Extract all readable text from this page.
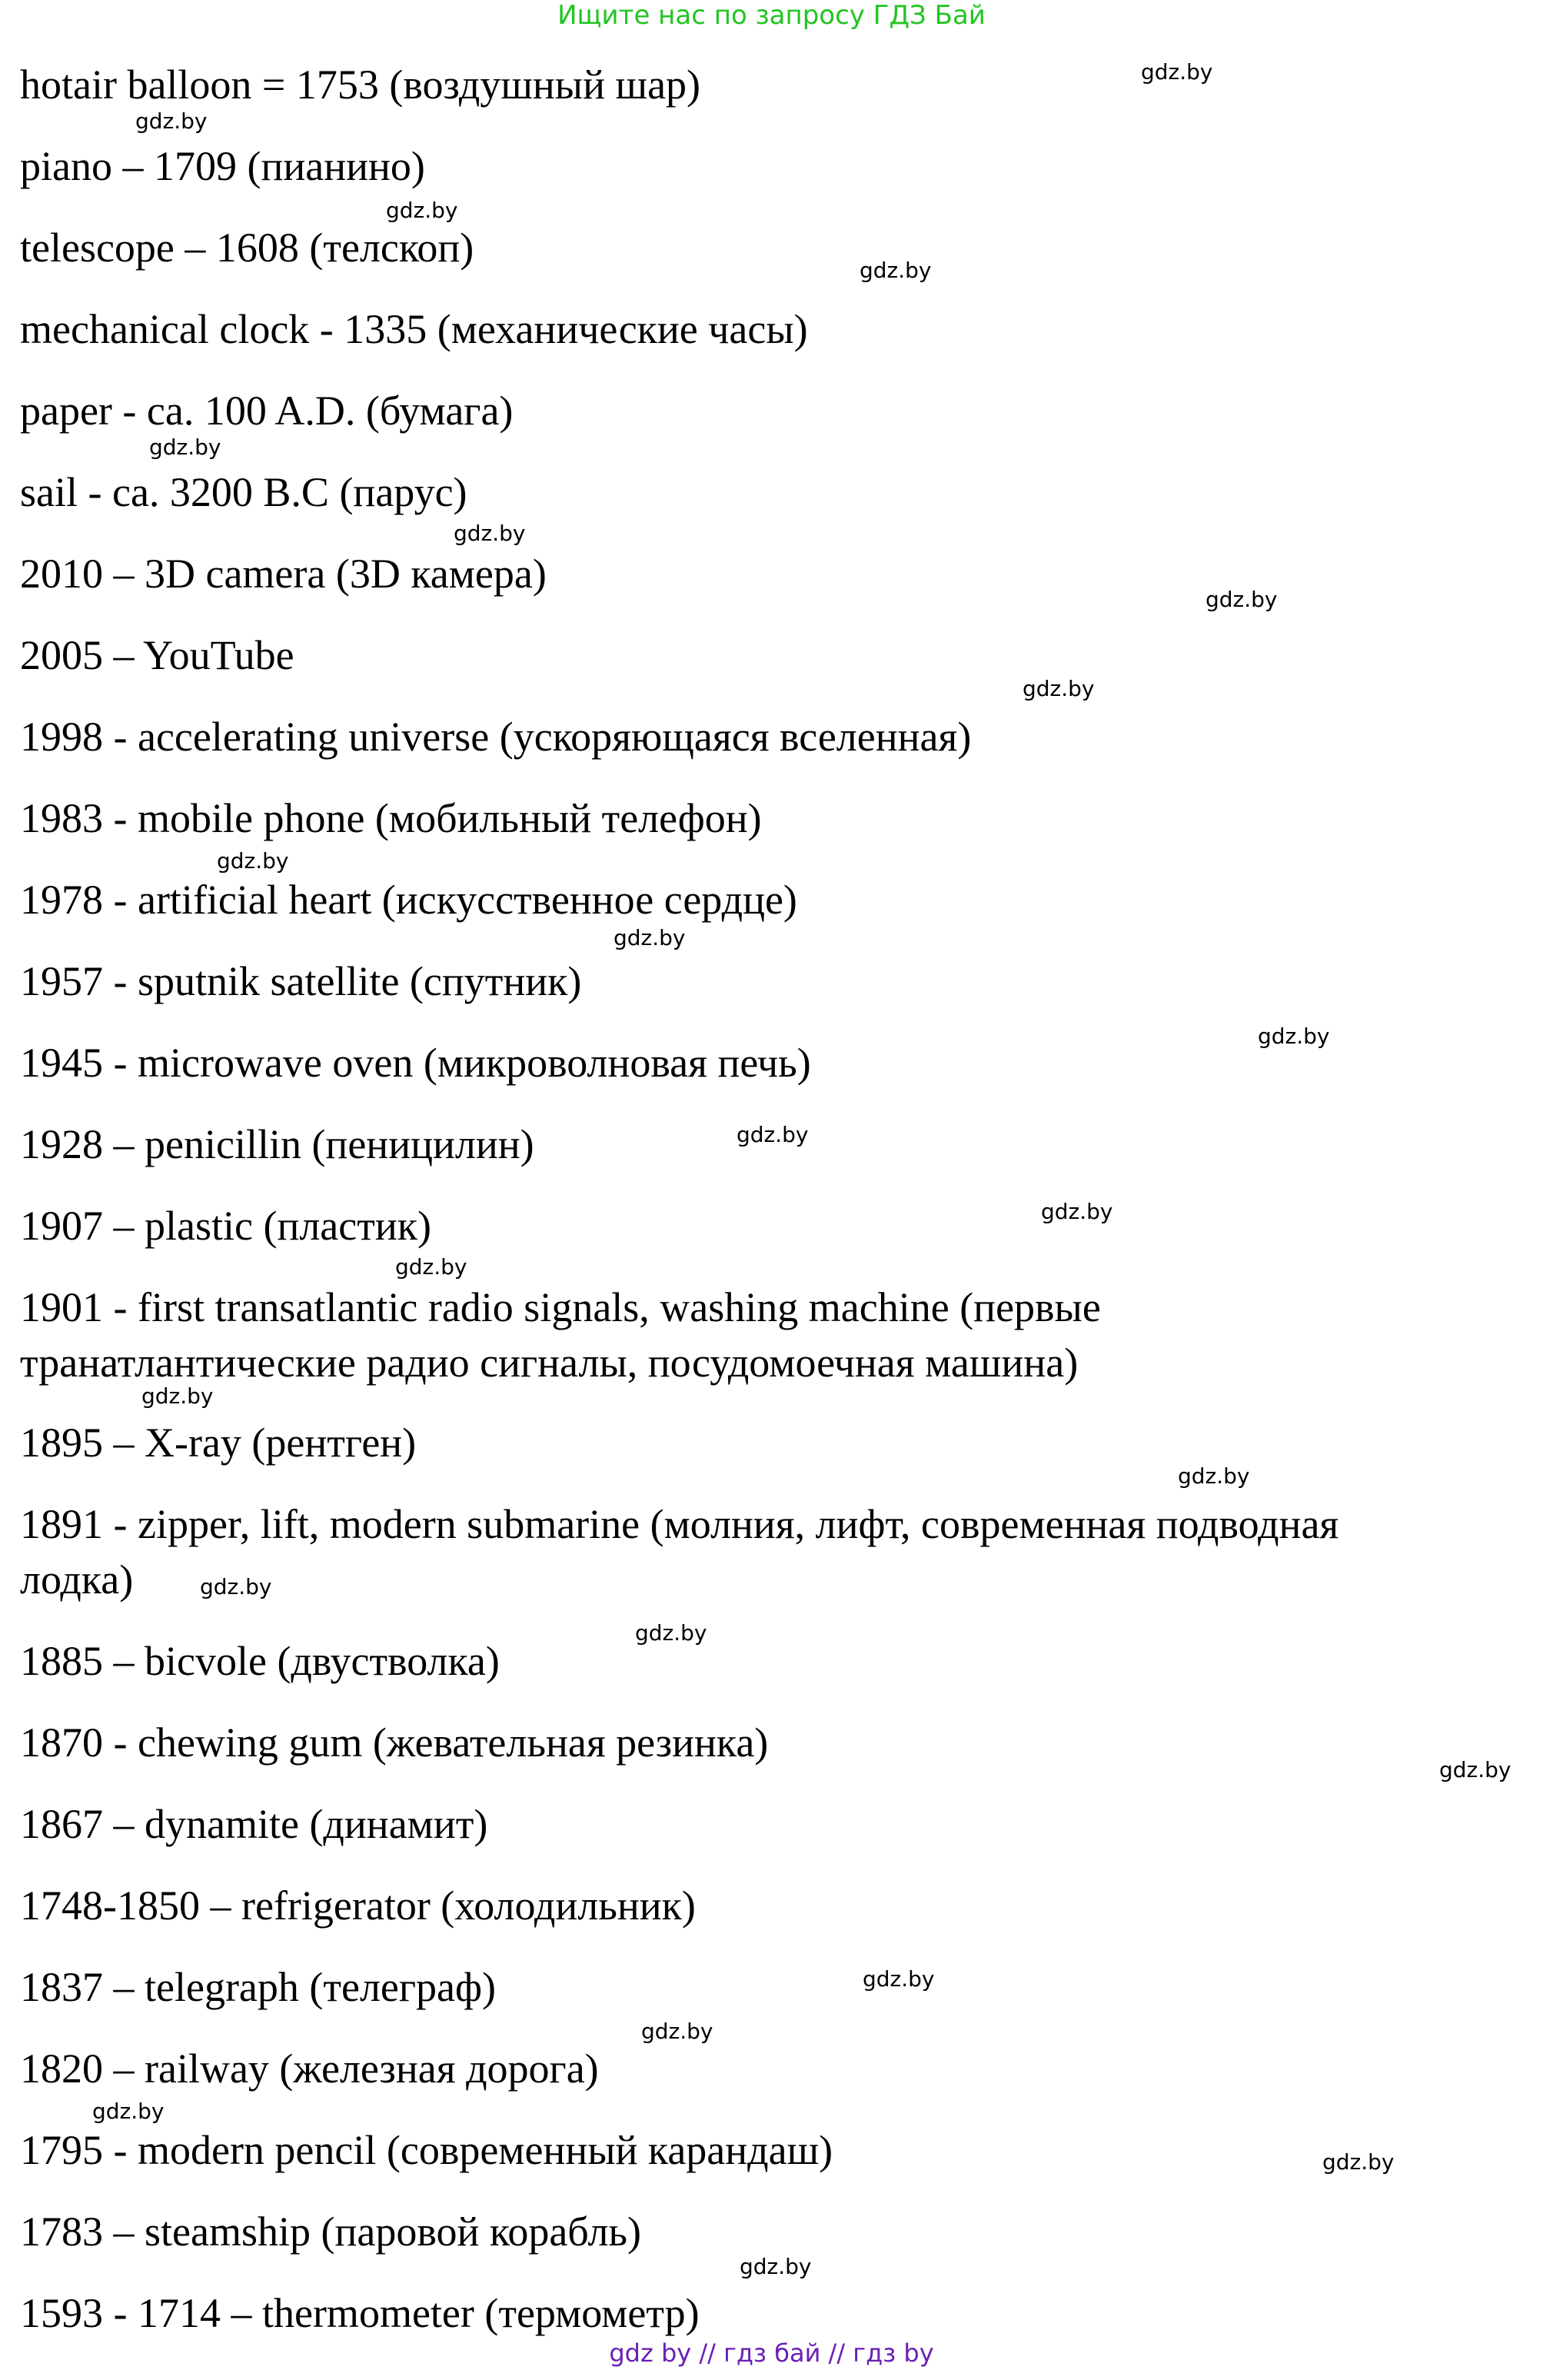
Ищите нас по запросу ГДЗ Бай
hotair balloon = 1753 (воздушный шар)
piano – 1709 (пианино)
telescope – 1608 (телскоп)
mechanical clock - 1335 (механические часы)
paper - ca. 100 A.D. (бумага)
sail - ca. 3200 B.C (парус)
2010 – 3D camera (3D камера)
2005 – YouTube
1998 - accelerating universe (ускоряющаяся вселенная)
1983 - mobile phone (мобильный телефон)
1978 - artificial heart (искусственное сердце)
1957 - sputnik satellite (спутник)
1945 - microwave oven (микроволновая печь)
1928 – penicillin (пеницилин)
1907 – plastic (пластик)
1901 - first transatlantic radio signals, washing machine (первые
транатлантические радио сигналы, посудомоечная машина)
1895 – X-ray (рентген)
1891 - zipper, lift, modern submarine (молния, лифт, современная подводная
лодка)
1885 – bicvole (двустволка)
1870 - chewing gum (жевательная резинка)
1867 – dynamite (динамит)
1748-1850 – refrigerator (холодильник)
1837 – telegraph (телеграф)
1820 – railway (железная дорога)
1795 - modern pencil (современный карандаш)
1783 – steamship (паровой корабль)
1593 - 1714 – thermometer (термометр)
gdz.by
gdz.by
gdz.by
gdz.by
gdz.by
gdz.by
gdz.by
gdz.by
gdz.by
gdz.by
gdz.by
gdz.by
gdz.by
gdz.by
gdz.by
gdz.by
gdz.by
gdz.by
gdz.by
gdz.by
gdz.by
gdz.by
gdz.by
gdz.by
gdz by // гдз бай // гдз by
